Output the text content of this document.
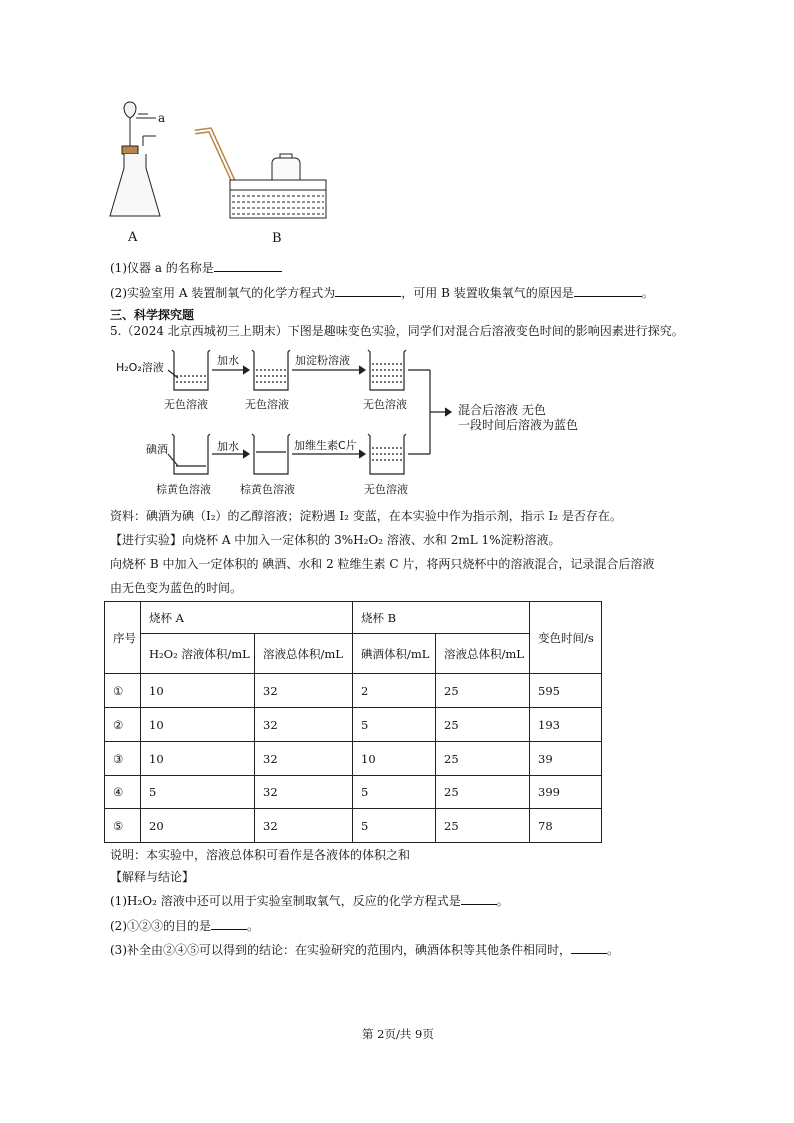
a
A	B
(1)仪器 a 的名称是
(2)实验室用 A 装置制氧气的化学方程式为	，可用 B 装置收集氧气的原因是	。
三、科学探究题
5.（2024 北京西城初三上期末）下图是趣味变色实验，同学们对混合后溶液变色时间的影响因素进行探究。
H₂O₂溶液
加水	加淀粉溶液
无色溶液	无色溶液	无色溶液
碘酒	加水	加维生素C片
棕黄色溶液	棕黄色溶液	无色溶液
混合后溶液 无色
一段时间后溶液为蓝色
资料：碘酒为碘（I₂）的乙醇溶液；淀粉遇 I₂ 变蓝，在本实验中作为指示剂，指示 I₂ 是否存在。
【进行实验】向烧杯 A 中加入一定体积的 3%H₂O₂ 溶液、水和 2mL 1%淀粉溶液。
向烧杯 B 中加入一定体积的 碘酒、水和 2 粒维生素 C 片，将两只烧杯中的溶液混合，记录混合后溶液
由无色变为蓝色的时间。
序号	烧杯 A		烧杯 B		变色时间/s
	H₂O₂ 溶液体积/mL	溶液总体积/mL	碘酒体积/mL	溶液总体积/mL	
①	10	32	2	25	595
②	10	32	5	25	193
③	10	32	10	25	39
④	5	32	5	25	399
⑤	20	32	5	25	78
说明：本实验中，溶液总体积可看作是各液体的体积之和
【解释与结论】
(1)H₂O₂ 溶液中还可以用于实验室制取氧气，反应的化学方程式是	。
(2)①②③的目的是	。
(3)补全由②④⑤可以得到的结论：在实验研究的范围内，碘酒体积等其他条件相同时，	。
第 2页/共 9页
